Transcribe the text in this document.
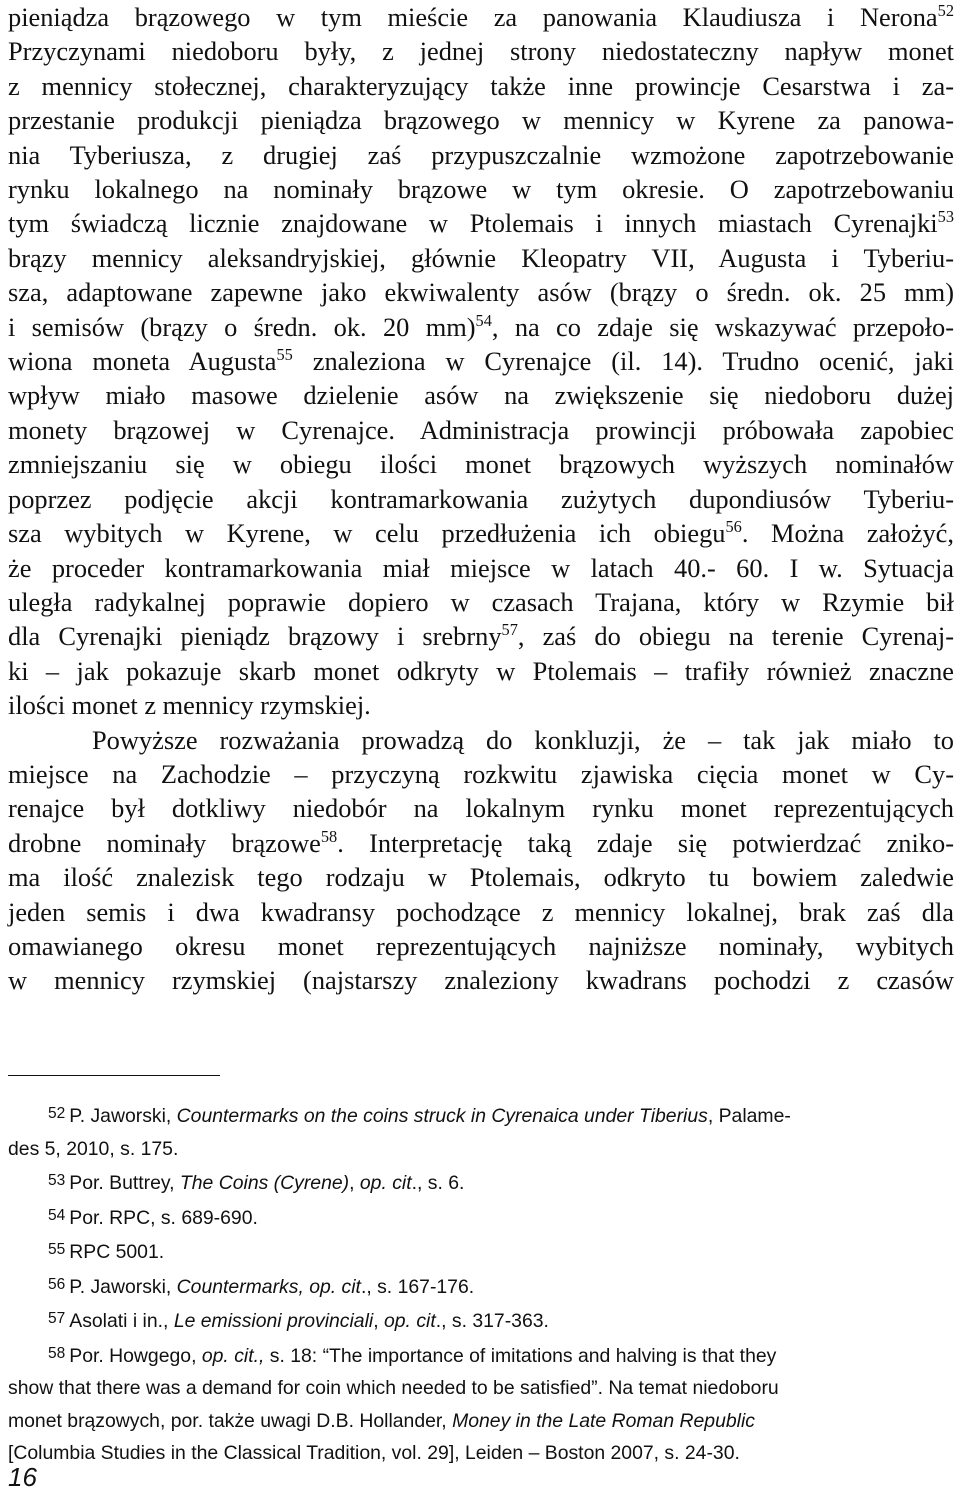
pieniądza brązowego w tym mieście za panowania Klaudiusza i Nerona$^{52}$
Przyczynami niedoboru były, z jednej strony niedostateczny napływ monet
z mennicy stołecznej, charakteryzujący także inne prowincje Cesarstwa i za-
przestanie produkcji pieniądza brązowego w mennicy w Kyrene za panowa-
nia Tyberiusza, z drugiej zaś przypuszczalnie wzmożone zapotrzebowanie
rynku lokalnego na nominały brązowe w tym okresie. O zapotrzebowaniu
tym świadczą licznie znajdowane w Ptolemais i innych miastach Cyrenajki$^{53}$
brązy mennicy aleksandryjskiej, głównie Kleopatry VII, Augusta i Tyberiu-
sza, adaptowane zapewne jako ekwiwalenty asów (brązy o średn. ok. 25 mm)
i semisów (brązy o średn. ok. 20 mm)$^{54}$, na co zdaje się wskazywać przepoło-
wiona moneta Augusta$^{55}$ znaleziona w Cyrenajce (il. 14). Trudno ocenić, jaki
wpływ miało masowe dzielenie asów na zwiększenie się niedoboru dużej
monety brązowej w Cyrenajce. Administracja prowincji próbowała zapobiec
zmniejszaniu się w obiegu ilości monet brązowych wyższych nominałów
poprzez podjęcie akcji kontramarkowania zużytych dupondiusów Tyberiu-
sza wybitych w Kyrene, w celu przedłużenia ich obiegu$^{56}$. Można założyć,
że proceder kontramarkowania miał miejsce w latach 40.- 60. I w. Sytuacja
uległa radykalnej poprawie dopiero w czasach Trajana, który w Rzymie bił
dla Cyrenajki pieniądz brązowy i srebrny$^{57}$, zaś do obiegu na terenie Cyrenaj-
ki – jak pokazuje skarb monet odkryty w Ptolemais – trafiły również znaczne
ilości monet z mennicy rzymskiej.

Powyższe rozważania prowadzą do konkluzji, że – tak jak miało to
miejsce na Zachodzie – przyczyną rozkwitu zjawiska cięcia monet w Cy-
renajce był dotkliwy niedobór na lokalnym rynku monet reprezentujących
drobne nominały brązowe$^{58}$. Interpretację taką zdaje się potwierdzać zniko-
ma ilość znalezisk tego rodzaju w Ptolemais, odkryto tu bowiem zaledwie
jeden semis i dwa kwadransy pochodzące z mennicy lokalnej, brak zaś dla
omawianego okresu monet reprezentujących najniższe nominały, wybitych
w mennicy rzymskiej (najstarszy znaleziony kwadrans pochodzi z czasów

$^{52}$ P. Jaworski, Countermarks on the coins struck in Cyrenaica under Tiberius, Palame-
des 5, 2010, s. 175.
$^{53}$ Por. Buttrey, The Coins (Cyrene), op. cit., s. 6.
$^{54}$ Por. RPC, s. 689-690.
$^{55}$ RPC 5001.
$^{56}$ P. Jaworski, Countermarks, op. cit., s. 167-176.
$^{57}$ Asolati i in., Le emissioni provinciali, op. cit., s. 317-363.
$^{58}$ Por. Howgego, op. cit., s. 18: “The importance of imitations and halving is that they
show that there was a demand for coin which needed to be satisfied”. Na temat niedoboru
monet brązowych, por. także uwagi D.B. Hollander, Money in the Late Roman Republic
[Columbia Studies in the Classical Tradition, vol. 29], Leiden – Boston 2007, s. 24-30.
16
